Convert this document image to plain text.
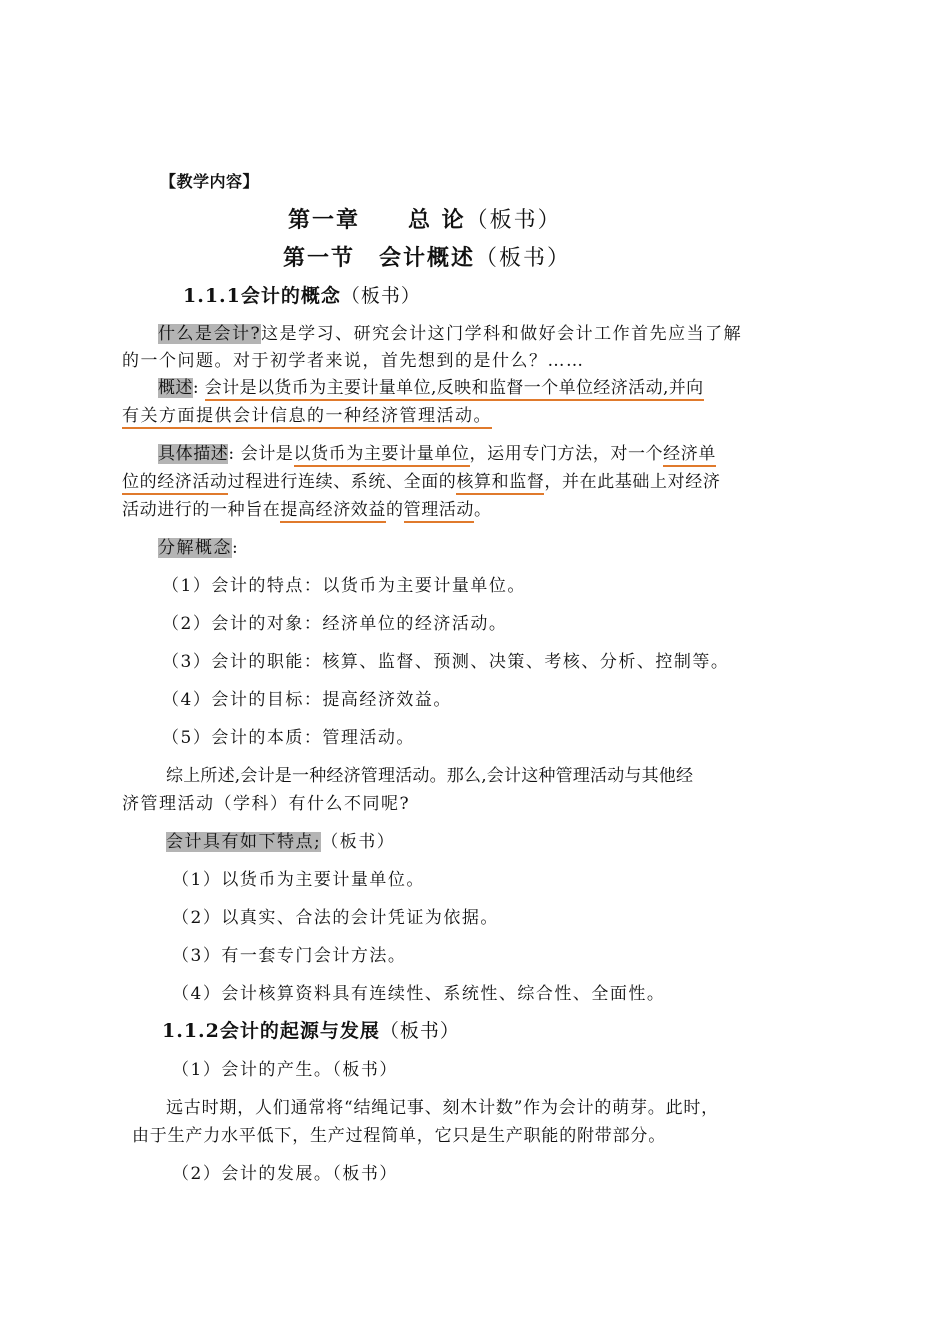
【教学内容】
第一章　　总 论（板书）
第一节　会计概述（板书）
1.1.1会计的概念（板书）
什么是会计?这是学习、研究会计这门学科和做好会计工作首先应当了解
的一个问题。对于初学者来说，首先想到的是什么？……
概述: 会计是以货币为主要计量单位,反映和监督一个单位经济活动,并向
有关方面提供会计信息的一种经济管理活动。
具体描述: 会计是以货币为主要计量单位，运用专门方法，对一个经济单
位的经济活动过程进行连续、系统、全面的核算和监督，并在此基础上对经济
活动进行的一种旨在提高经济效益的管理活动。
分解概念:
（1）会计的特点：以货币为主要计量单位。
（2）会计的对象：经济单位的经济活动。
（3）会计的职能：核算、监督、预测、决策、考核、分析、控制等。
（4）会计的目标：提高经济效益。
（5）会计的本质：管理活动。
综上所述,会计是一种经济管理活动。那么,会计这种管理活动与其他经
济管理活动（学科）有什么不同呢?
会计具有如下特点;（板书）
（1）以货币为主要计量单位。
（2）以真实、合法的会计凭证为依据。
（3）有一套专门会计方法。
（4）会计核算资料具有连续性、系统性、综合性、全面性。
1.1.2会计的起源与发展（板书）
（1）会计的产生。（板书）
远古时期，人们通常将“结绳记事、刻木计数”作为会计的萌芽。此时，
由于生产力水平低下，生产过程简单，它只是生产职能的附带部分。
（2）会计的发展。（板书）
